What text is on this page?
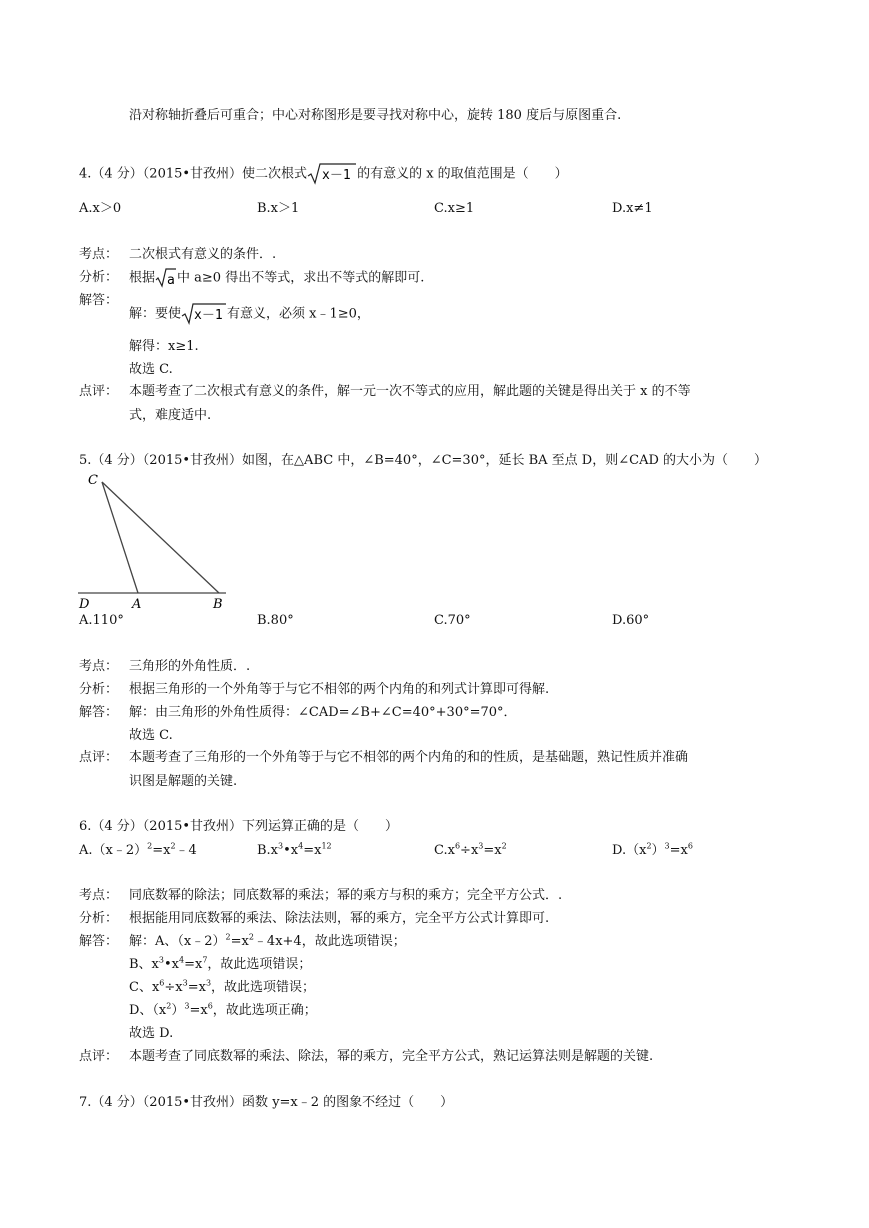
沿对称轴折叠后可重合；中心对称图形是要寻找对称中心，旋转 180 度后与原图重合.
4.（4 分）（2015•甘孜州）使二次根式 x－1 的有意义的 x 的取值范围是（　　）
A.x＞0	B.x＞1	C.x≥1	D.x≠1
考点： 二次根式有意义的条件．.
分析： 根据 a 中 a≥0 得出不等式，求出不等式的解即可.
解答：
解：要使 x－1 有意义，必须 x﹣1≥0，
解得：x≥1.
故选 C.
点评： 本题考查了二次根式有意义的条件，解一元一次不等式的应用，解此题的关键是得出关于 x 的不等
式，难度适中.
5.（4 分）（2015•甘孜州）如图，在△ABC 中，∠B=40°，∠C=30°，延长 BA 至点 D，则∠CAD 的大小为（　　）
C
D	A	B
A.110°	B.80°	C.70°	D.60°
考点： 三角形的外角性质．.
分析： 根据三角形的一个外角等于与它不相邻的两个内角的和列式计算即可得解.
解答： 解：由三角形的外角性质得：∠CAD=∠B+∠C=40°+30°=70°．
故选 C.
点评： 本题考查了三角形的一个外角等于与它不相邻的两个内角的和的性质，是基础题，熟记性质并准确
识图是解题的关键.
6.（4 分）（2015•甘孜州）下列运算正确的是（　　）
$A.(x﹣2)^2=x^2﹣4$	$B.x^3•x^4=x^{12}$	$C.x^6\div x^3=x^2$	$D.(x^2)^3=x^6$
考点： 同底数幂的除法；同底数幂的乘法；幂的乘方与积的乘方；完全平方公式．.
分析： 根据能用同底数幂的乘法、除法法则，幂的乘方，完全平方公式计算即可.
解答： 解：A、$(x﹣2)^2=x^2﹣4x+4$，故此选项错误；
B、$x^3•x^4=x^7$，故此选项错误；
C、$x^6\div x^3=x^3$，故此选项错误；
D、$(x^2)^3=x^6$，故此选项正确；
故选 D.
点评： 本题考查了同底数幂的乘法、除法，幂的乘方，完全平方公式，熟记运算法则是解题的关键.
7.（4 分）（2015•甘孜州）函数 y=x﹣2 的图象不经过（　　）
